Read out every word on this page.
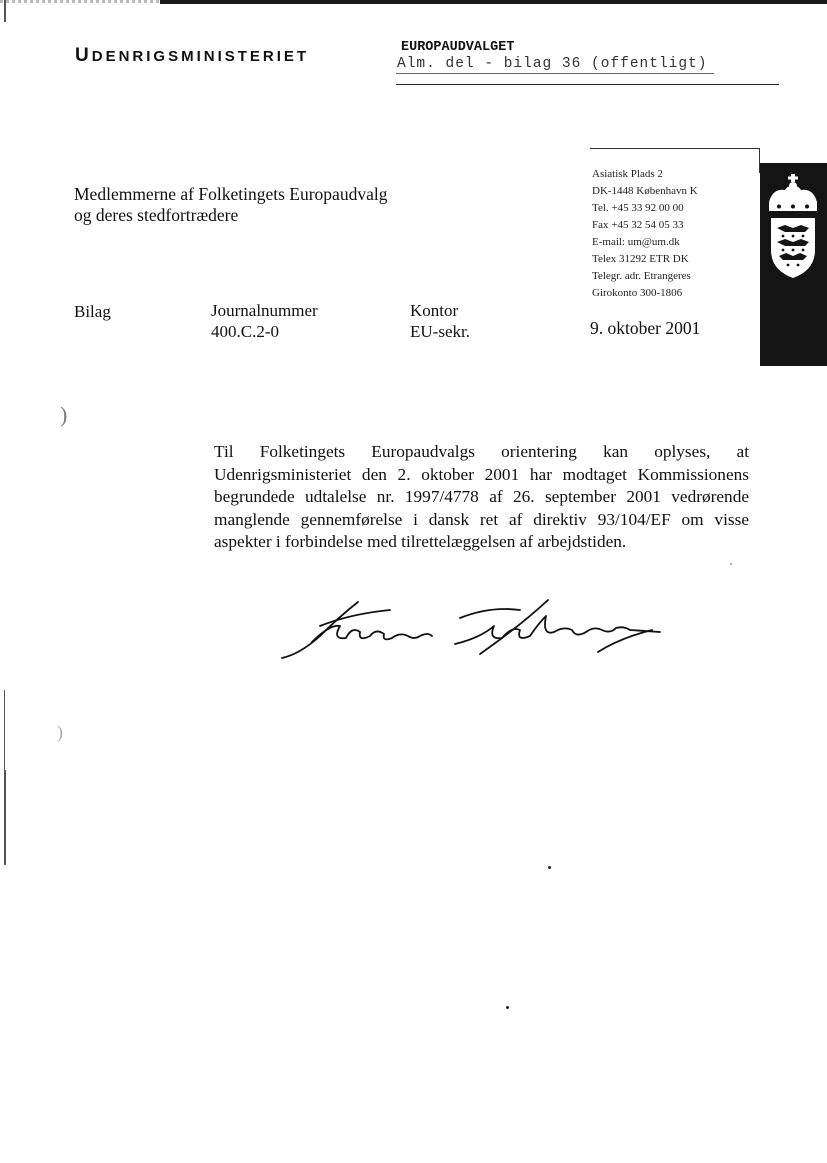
UDENRIGSMINISTERIET
EUROPAUDVALGET
Alm. del - bilag 36 (offentligt)
Medlemmerne af Folketingets Europaudvalg
og deres stedfortrædere
Asiatisk Plads 2
DK-1448 København K
Tel. +45 33 92 00 00
Fax +45 32 54 05 33
E-mail: um@um.dk
Telex 31292 ETR DK
Telegr. adr. Etrangeres
Girokonto 300-1806
Bilag	Journalnummer
400.C.2-0
Kontor
EU-sekr.	9. oktober 2001
)
)

Til Folketingets Europaudvalgs orientering kan oplyses, at Udenrigsministeriet den 2. oktober 2001 har modtaget Kommissionens begrundede udtalelse nr. 1997/4778 af 26. september 2001 vedrørende manglende gennemførelse i dansk ret af direktiv 93/104/EF om visse aspekter i forbindelse med tilrettelæggelsen af arbejdstiden.
